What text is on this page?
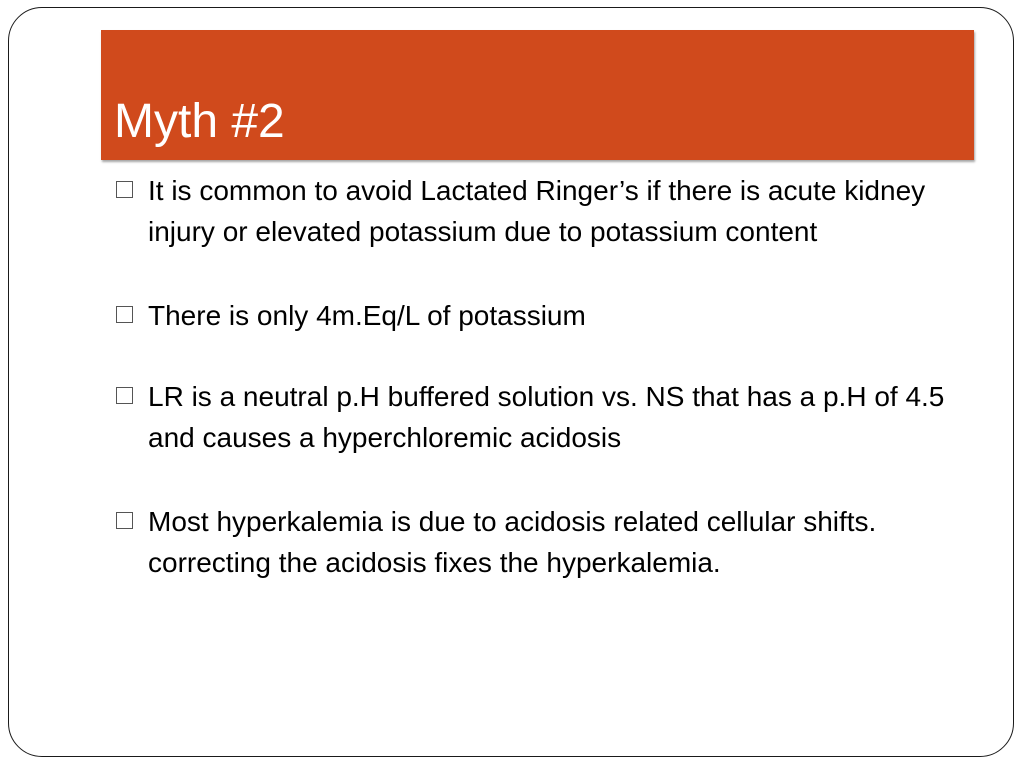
Myth #2
It is common to avoid Lactated Ringer’s if there is acute kidney injury or elevated potassium due to potassium content
There is only 4m.Eq/L of potassium
LR is a neutral p.H buffered solution vs. NS that has a p.H of 4.5 and causes a hyperchloremic acidosis
Most hyperkalemia is due to acidosis related cellular shifts. correcting the acidosis fixes the hyperkalemia.
